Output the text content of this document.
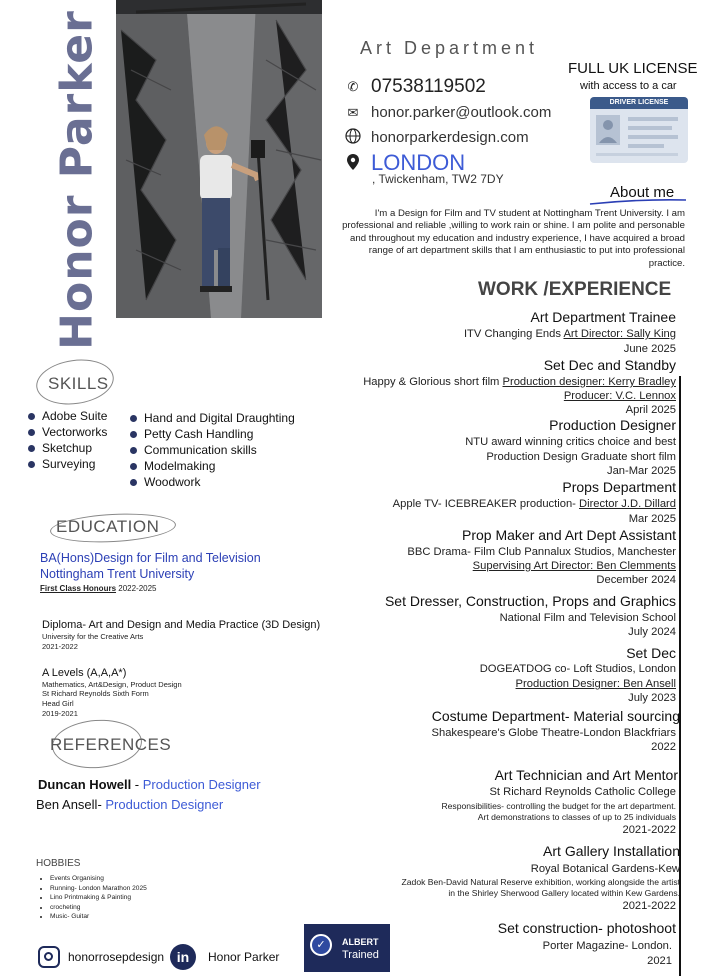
Honor Parker	Art Department
✆ 07538119502
✉ honor.parker@outlook.com
honorparkerdesign.com
LONDON
, Twickenham, TW2 7DY
FULL UK LICENSE
with access to a car
DRIVER LICENSE
About me
I'm a Design for Film and TV student at Nottingham Trent University. I am professional and reliable ,willing to work rain or shine. I am polite and personable and throughout my education and industry experience, I have acquired a broad range of art department skills that I am enthusiastic to put into professional practice.
WORK /EXPERIENCE
Art Department Trainee
ITV Changing Ends Art Director: Sally King
June 2025
Set Dec and Standby
Happy & Glorious short film Production designer: Kerry Bradley
Producer: V.C. Lennox
April 2025
Production Designer
NTU award winning critics choice and best
Production Design Graduate short film
Jan-Mar 2025
Props Department
Apple TV- ICEBREAKER production- Director J.D. Dillard
Mar 2025
Prop Maker and Art Dept Assistant
BBC Drama- Film Club Pannalux Studios, Manchester
Supervising Art Director: Ben Clemments
December 2024
Set Dresser, Construction, Props and Graphics
National Film and Television School
July 2024
Set Dec
DOGEATDOG co- Loft Studios, London
Production Designer: Ben Ansell
July 2023
Costume Department- Material sourcing
Shakespeare's Globe Theatre-London Blackfriars
2022
Art Technician and Art Mentor
St Richard Reynolds Catholic College
Responsibilities- controlling the budget for the art department.
Art demonstrations to classes of up to 25 individuals
2021-2022
Art Gallery Installation
Royal Botanical Gardens-Kew
Zadok Ben-David Natural Reserve exhibition, working alongside the artist
in the Shirley Sherwood Gallery located within Kew Gardens.
2021-2022
Set construction- photoshoot
Porter Magazine- London.
2021
SKILLS
Adobe Suite
Vectorworks
Sketchup
Surveying
Hand and Digital Draughting
Petty Cash Handling
Communication skills
Modelmaking
Woodwork
EDUCATION
BA(Hons)Design for Film and Television
Nottingham Trent University
First Class Honours 2022-2025
Diploma- Art and Design and Media Practice (3D Design)
University for the Creative Arts
2021-2022
A Levels (A,A,A*)
Mathematics, Art&Design, Product Design
St Richard Reynolds Sixth Form
Head Girl
2019-2021
REFERENCES
Duncan Howell - Production Designer
Ben Ansell- Production Designer
HOBBIES
• Events Organising
• Running- London Marathon 2025
• Lino Printmaking & Painting
• crocheting
• Music- Guitar
honorrosepdesign in	Honor Parker
✓	ALBERT
Trained
